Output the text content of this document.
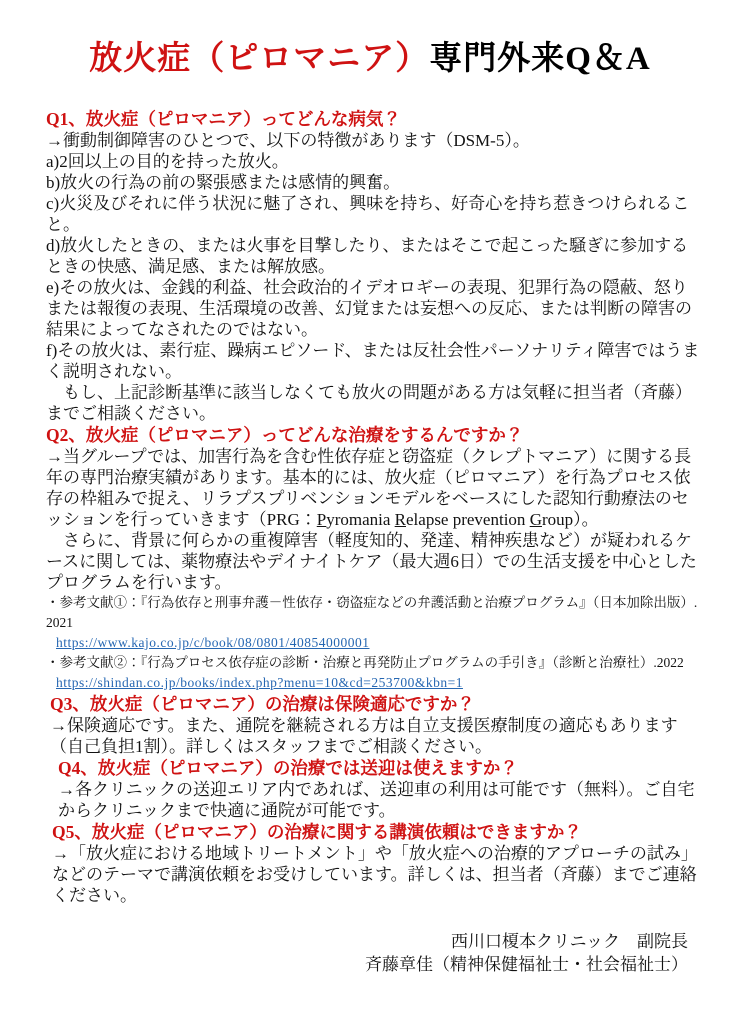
放火症（ピロマニア）専門外来Q＆A
Q1、放火症（ピロマニア）ってどんな病気？

→衝動制御障害のひとつで、以下の特徴があります（DSM-5）。

a)2回以上の目的を持った放火。

b)放火の行為の前の緊張感または感情的興奮。

c)火災及びそれに伴う状況に魅了され、興味を持ち、好奇心を持ち惹きつけられること。

d)放火したときの、または火事を目撃したり、またはそこで起こった騒ぎに参加するときの快感、満足感、または解放感。

e)その放火は、金銭的利益、社会政治的イデオロギーの表現、犯罪行為の隠蔽、怒りまたは報復の表現、生活環境の改善、幻覚または妄想への反応、または判断の障害の結果によってなされたのではない。

f)その放火は、素行症、躁病エピソード、または反社会性パーソナリティ障害ではうまく説明されない。

　もし、上記診断基準に該当しなくても放火の問題がある方は気軽に担当者（斉藤）までご相談ください。

Q2、放火症（ピロマニア）ってどんな治療をするんですか？

→当グループでは、加害行為を含む性依存症と窃盗症（クレプトマニア）に関する長年の専門治療実績があります。基本的には、放火症（ピロマニア）を行為プロセス依存の枠組みで捉え、リラプスプリベンションモデルをベースにした認知行動療法のセッションを行っていきます（PRG：Pyromania Relapse prevention Group）。

　さらに、背景に何らかの重複障害（軽度知的、発達、精神疾患など）が疑われるケースに関しては、薬物療法やデイナイトケア（最大週6日）での生活支援を中心としたプログラムを行います。

・参考文献①：『行為依存と刑事弁護－性依存・窃盗症などの弁護活動と治療プログラム』（日本加除出版）.2021

https://www.kajo.co.jp/c/book/08/0801/40854000001

・参考文献②：『行為プロセス依存症の診断・治療と再発防止プログラムの手引き』（診断と治療社）.2022

https://shindan.co.jp/books/index.php?menu=10&cd=253700&kbn=1

Q3、放火症（ピロマニア）の治療は保険適応ですか？

→保険適応です。また、通院を継続される方は自立支援医療制度の適応もあります（自己負担1割）。詳しくはスタッフまでご相談ください。

Q4、放火症（ピロマニア）の治療では送迎は使えますか？

→各クリニックの送迎エリア内であれば、送迎車の利用は可能です（無料）。ご自宅からクリニックまで快適に通院が可能です。

Q5、放火症（ピロマニア）の治療に関する講演依頼はできますか？

→「放火症における地域トリートメント」や「放火症への治療的アプローチの試み」などのテーマで講演依頼をお受けしています。詳しくは、担当者（斉藤）までご連絡ください。

西川口榎本クリニック　副院長

斉藤章佳（精神保健福祉士・社会福祉士）
